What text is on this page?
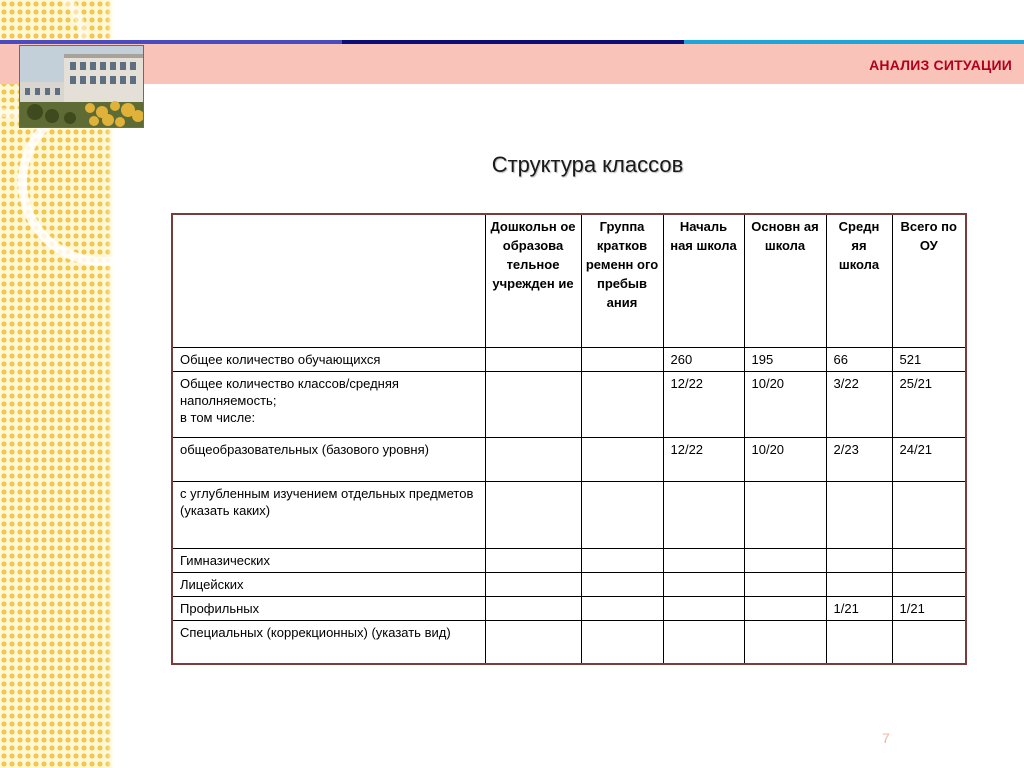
АНАЛИЗ СИТУАЦИИ
Структура классов
	Дошкольн ое образова тельное учрежден ие	Группа кратков ременн ого пребыв ания	Началь ная школа	Основн ая школа	Средн яя школа	Всего по ОУ
Общее количество обучающихся			260	195	66	521
Общее количество классов/средняя наполняемость;
в том числе:			12/22	10/20	3/22	25/21
общеобразовательных (базового уровня)			12/22	10/20	2/23	24/21
с углубленным изучением отдельных предметов (указать каких)						
Гимназических						
Лицейских						
Профильных					1/21	1/21
Специальных (коррекционных) (указать вид)						
7
